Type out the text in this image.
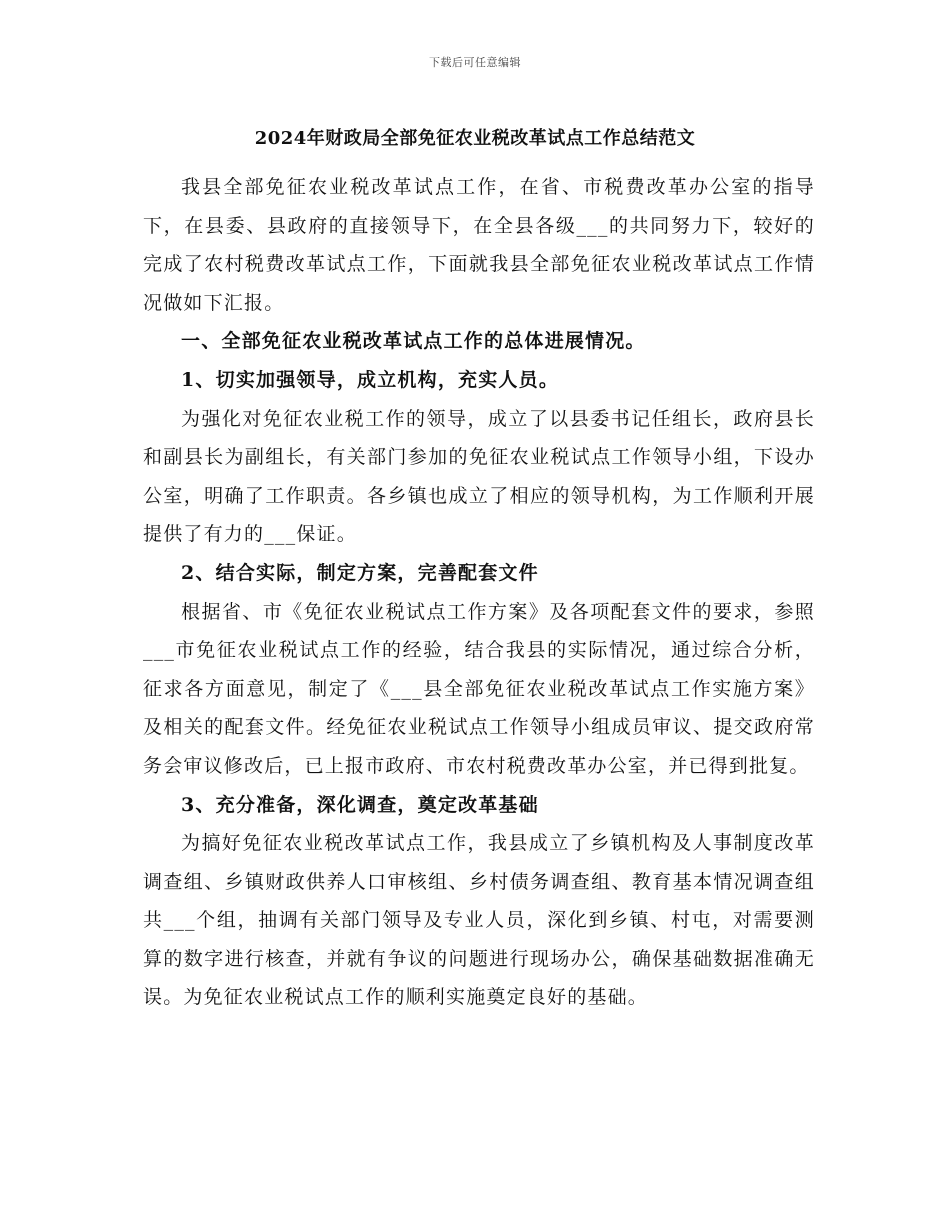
下载后可任意编辑
2024年财政局全部免征农业税改革试点工作总结范文

我县全部免征农业税改革试点工作，在省、市税费改革办公室的指导下，在县委、县政府的直接领导下，在全县各级___的共同努力下，较好的完成了农村税费改革试点工作，下面就我县全部免征农业税改革试点工作情况做如下汇报。

一、全部免征农业税改革试点工作的总体进展情况。

1、切实加强领导，成立机构，充实人员。

为强化对免征农业税工作的领导，成立了以县委书记任组长，政府县长和副县长为副组长，有关部门参加的免征农业税试点工作领导小组，下设办公室，明确了工作职责。各乡镇也成立了相应的领导机构，为工作顺利开展提供了有力的___保证。

2、结合实际，制定方案，完善配套文件

根据省、市《免征农业税试点工作方案》及各项配套文件的要求，参照___市免征农业税试点工作的经验，结合我县的实际情况，通过综合分析，征求各方面意见，制定了《___县全部免征农业税改革试点工作实施方案》及相关的配套文件。经免征农业税试点工作领导小组成员审议、提交政府常务会审议修改后，已上报市政府、市农村税费改革办公室，并已得到批复。

3、充分准备，深化调查，奠定改革基础

为搞好免征农业税改革试点工作，我县成立了乡镇机构及人事制度改革调查组、乡镇财政供养人口审核组、乡村债务调查组、教育基本情况调查组共___个组，抽调有关部门领导及专业人员，深化到乡镇、村屯，对需要测算的数字进行核查，并就有争议的问题进行现场办公，确保基础数据准确无误。为免征农业税试点工作的顺利实施奠定良好的基础。
